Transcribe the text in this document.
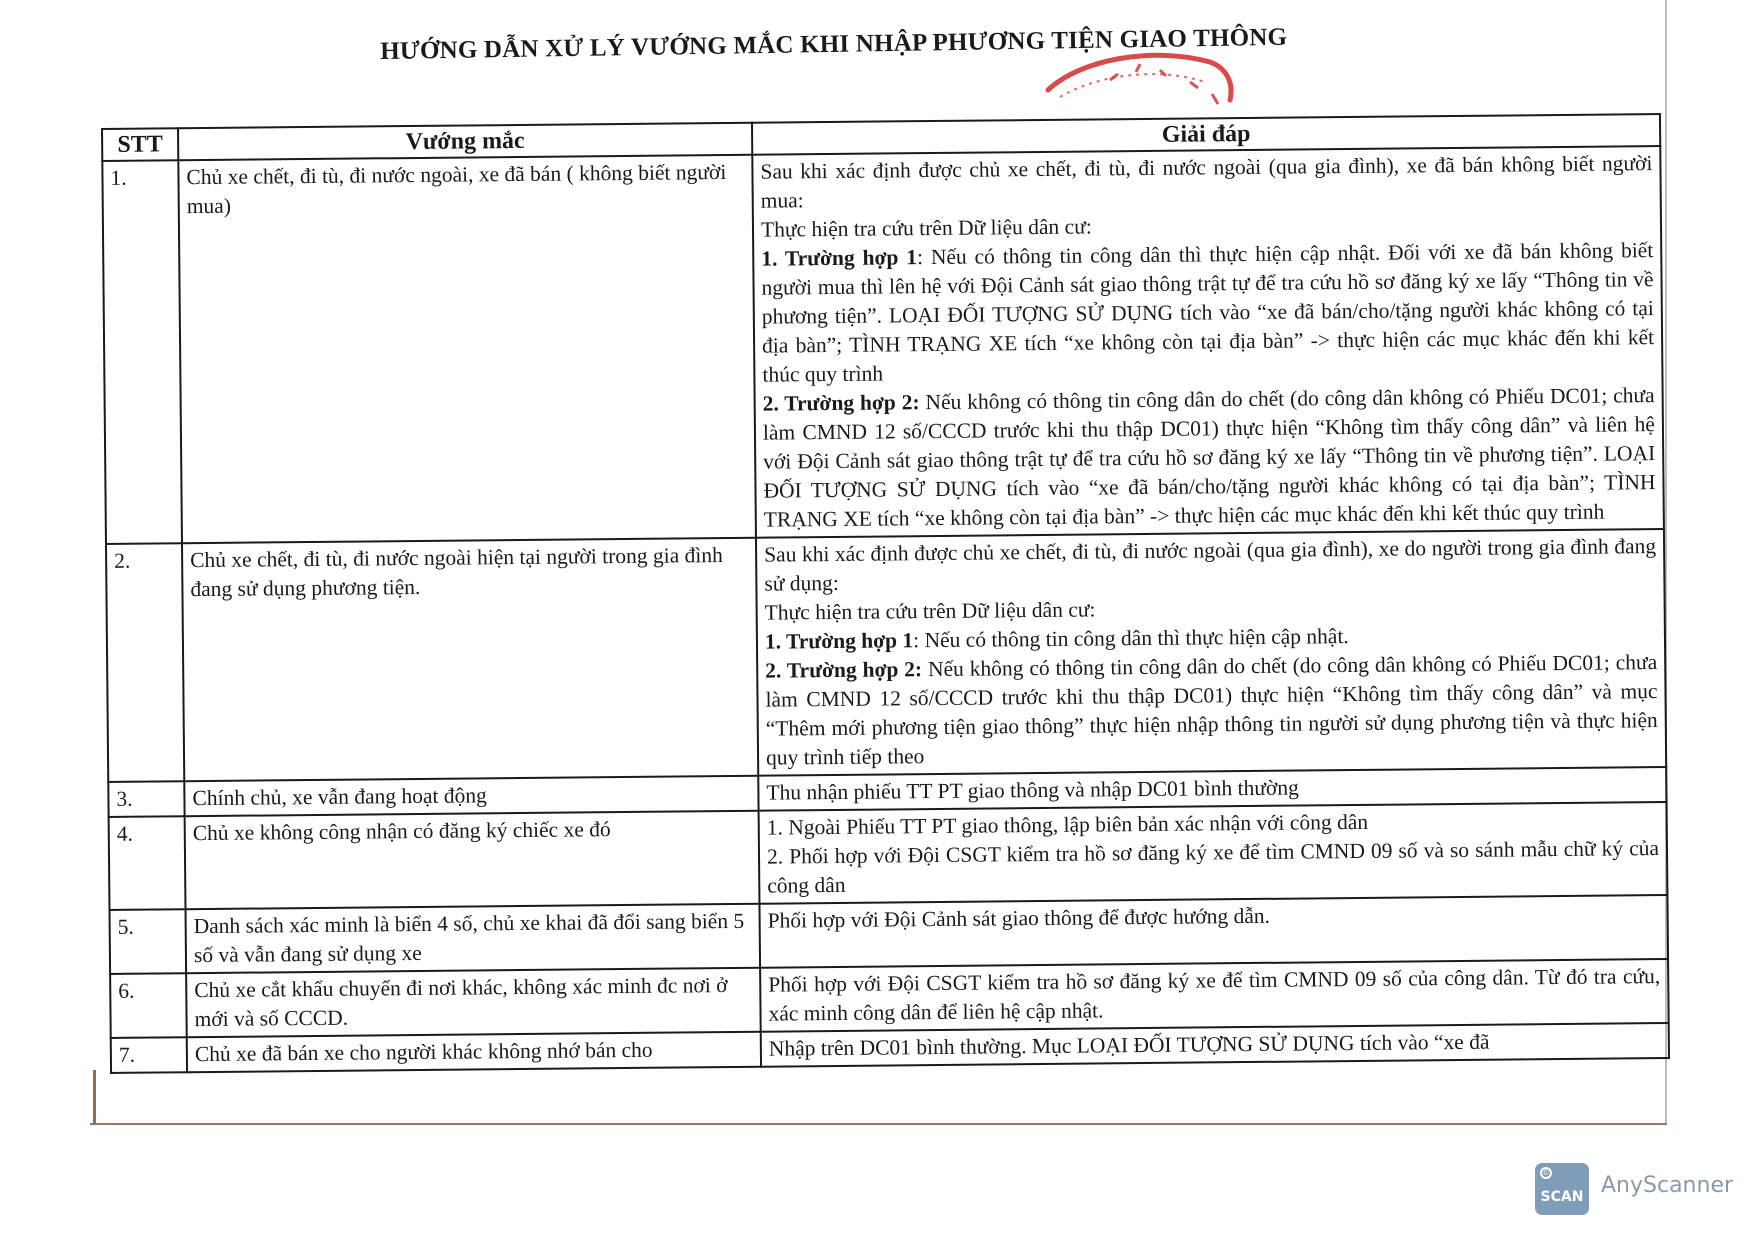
HƯỚNG DẪN XỬ LÝ VƯỚNG MẮC KHI NHẬP PHƯƠNG TIỆN GIAO THÔNG
STT	Vướng mắc	Giải đáp
1.	Chủ xe chết, đi tù, đi nước ngoài, xe đã bán ( không biết người mua)	Sau khi xác định được chủ xe chết, đi tù, đi nước ngoài (qua gia đình), xe đã bán không biết người mua:

Thực hiện tra cứu trên Dữ liệu dân cư:

1. Trường hợp 1: Nếu có thông tin công dân thì thực hiện cập nhật. Đối với xe đã bán không biết người mua thì lên hệ với Đội Cảnh sát giao thông trật tự để tra cứu hồ sơ đăng ký xe lấy “Thông tin về phương tiện”. LOẠI ĐỐI TƯỢNG SỬ DỤNG tích vào “xe đã bán/cho/tặng người khác không có tại địa bàn”; TÌNH TRẠNG XE tích “xe không còn tại địa bàn” -> thực hiện các mục khác đến khi kết thúc quy trình

2. Trường hợp 2: Nếu không có thông tin công dân do chết (do công dân không có Phiếu DC01; chưa làm CMND 12 số/CCCD trước khi thu thập DC01) thực hiện “Không tìm thấy công dân” và liên hệ với Đội Cảnh sát giao thông trật tự để tra cứu hồ sơ đăng ký xe lấy “Thông tin về phương tiện”. LOẠI ĐỐI TƯỢNG SỬ DỤNG tích vào “xe đã bán/cho/tặng người khác không có tại địa bàn”; TÌNH TRẠNG XE tích “xe không còn tại địa bàn” -> thực hiện các mục khác đến khi kết thúc quy trình

2.	Chủ xe chết, đi tù, đi nước ngoài hiện tại người trong gia đình đang sử dụng phương tiện.	Sau khi xác định được chủ xe chết, đi tù, đi nước ngoài (qua gia đình), xe do người trong gia đình đang sử dụng:

Thực hiện tra cứu trên Dữ liệu dân cư:

1. Trường hợp 1: Nếu có thông tin công dân thì thực hiện cập nhật.

2. Trường hợp 2: Nếu không có thông tin công dân do chết (do công dân không có Phiếu DC01; chưa làm CMND 12 số/CCCD trước khi thu thập DC01) thực hiện “Không tìm thấy công dân” và mục “Thêm mới phương tiện giao thông” thực hiện nhập thông tin người sử dụng phương tiện và thực hiện quy trình tiếp theo

3.	Chính chủ, xe vẫn đang hoạt động	Thu nhận phiếu TT PT giao thông và nhập DC01 bình thường
4.	Chủ xe không công nhận có đăng ký chiếc xe đó	1. Ngoài Phiếu TT PT giao thông, lập biên bản xác nhận với công dân

2. Phối hợp với Đội CSGT kiểm tra hồ sơ đăng ký xe để tìm CMND 09 số và so sánh mẫu chữ ký của công dân

5.	Danh sách xác minh là biển 4 số, chủ xe khai đã đổi sang biển 5 số và vẫn đang sử dụng xe	Phối hợp với Đội Cảnh sát giao thông để được hướng dẫn.
6.	Chủ xe cắt khẩu chuyển đi nơi khác, không xác minh đc nơi ở mới và số CCCD.	Phối hợp với Đội CSGT kiểm tra hồ sơ đăng ký xe để tìm CMND 09 số của công dân. Từ đó tra cứu, xác minh công dân để liên hệ cập nhật.
7.	Chủ xe đã bán xe cho người khác không nhớ bán cho	Nhập trên DC01 bình thường. Mục LOẠI ĐỐI TƯỢNG SỬ DỤNG tích vào “xe đã
©
SCAN AnyScanner
